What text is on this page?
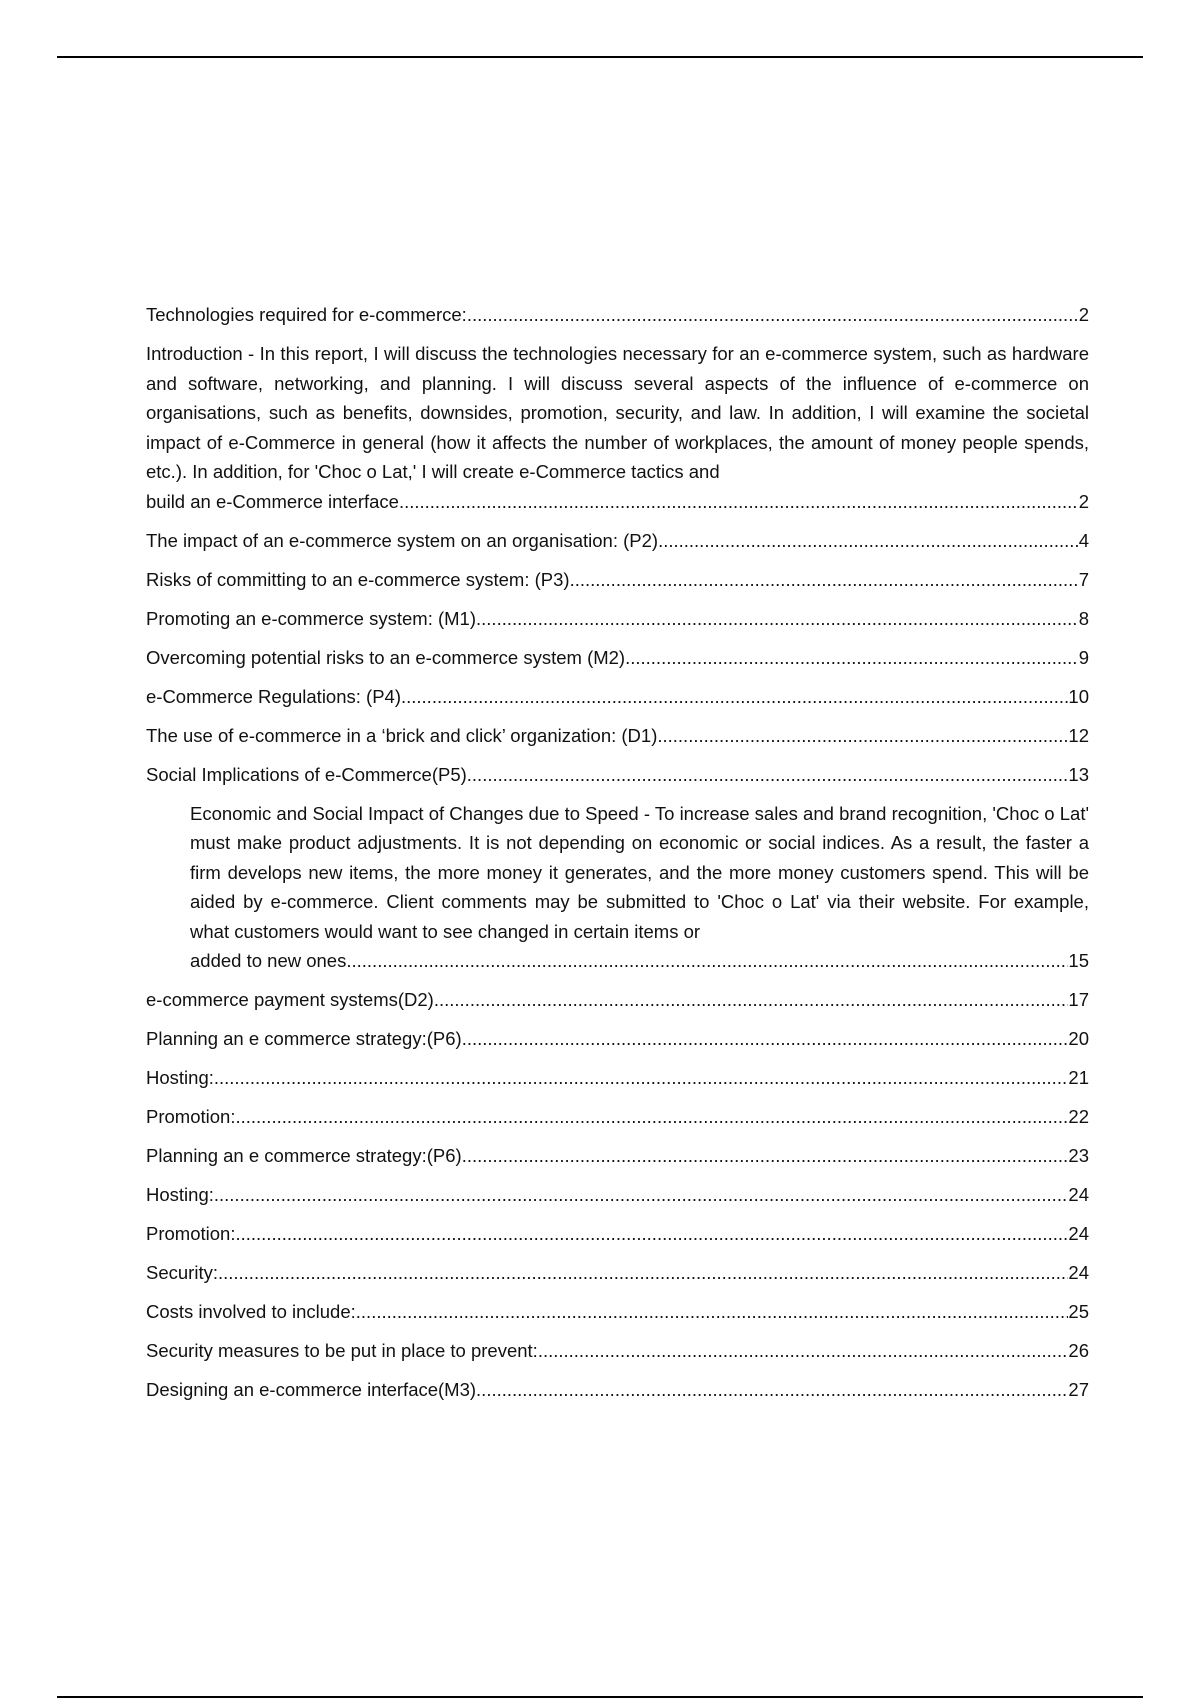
Technologies required for e-commerce: .....	2
Introduction - In this report, I will discuss the technologies necessary for an e-commerce system, such as hardware and software, networking, and planning. I will discuss several aspects of the influence of e-commerce on organisations, such as benefits, downsides, promotion, security, and law. In addition, I will examine the societal impact of e-Commerce in general (how it affects the number of workplaces, the amount of money people spends, etc.). In addition, for 'Choc o Lat,' I will create e-Commerce tactics and
build an e-Commerce interface .....	2
The impact of an e-commerce system on an organisation: (P2) .....	4
Risks of committing to an e-commerce system: (P3) .....	7
Promoting an e-commerce system: (M1) .....	8
Overcoming potential risks to an e-commerce system (M2) .....	9
e-Commerce Regulations: (P4) .....	10
The use of e-commerce in a ‘brick and click’ organization: (D1) .....	12
Social Implications of e-Commerce(P5) .....	13
Economic and Social Impact of Changes due to Speed - To increase sales and brand recognition, 'Choc o Lat' must make product adjustments. It is not depending on economic or social indices. As a result, the faster a firm develops new items, the more money it generates, and the more money customers spend. This will be aided by e-commerce. Client comments may be submitted to 'Choc o Lat' via their website. For example, what customers would want to see changed in certain items or
added to new ones. .....	15
e-commerce payment systems(D2) .....	17
Planning an e commerce strategy:(P6) .....	20
Hosting: .....	21
Promotion: .....	22
Planning an e commerce strategy:(P6) .....	23
Hosting: .....	24
Promotion: .....	24
Security: .....	24
Costs involved to include: .....	25
Security measures to be put in place to prevent: .....	26
Designing an e-commerce interface(M3) .....	27
